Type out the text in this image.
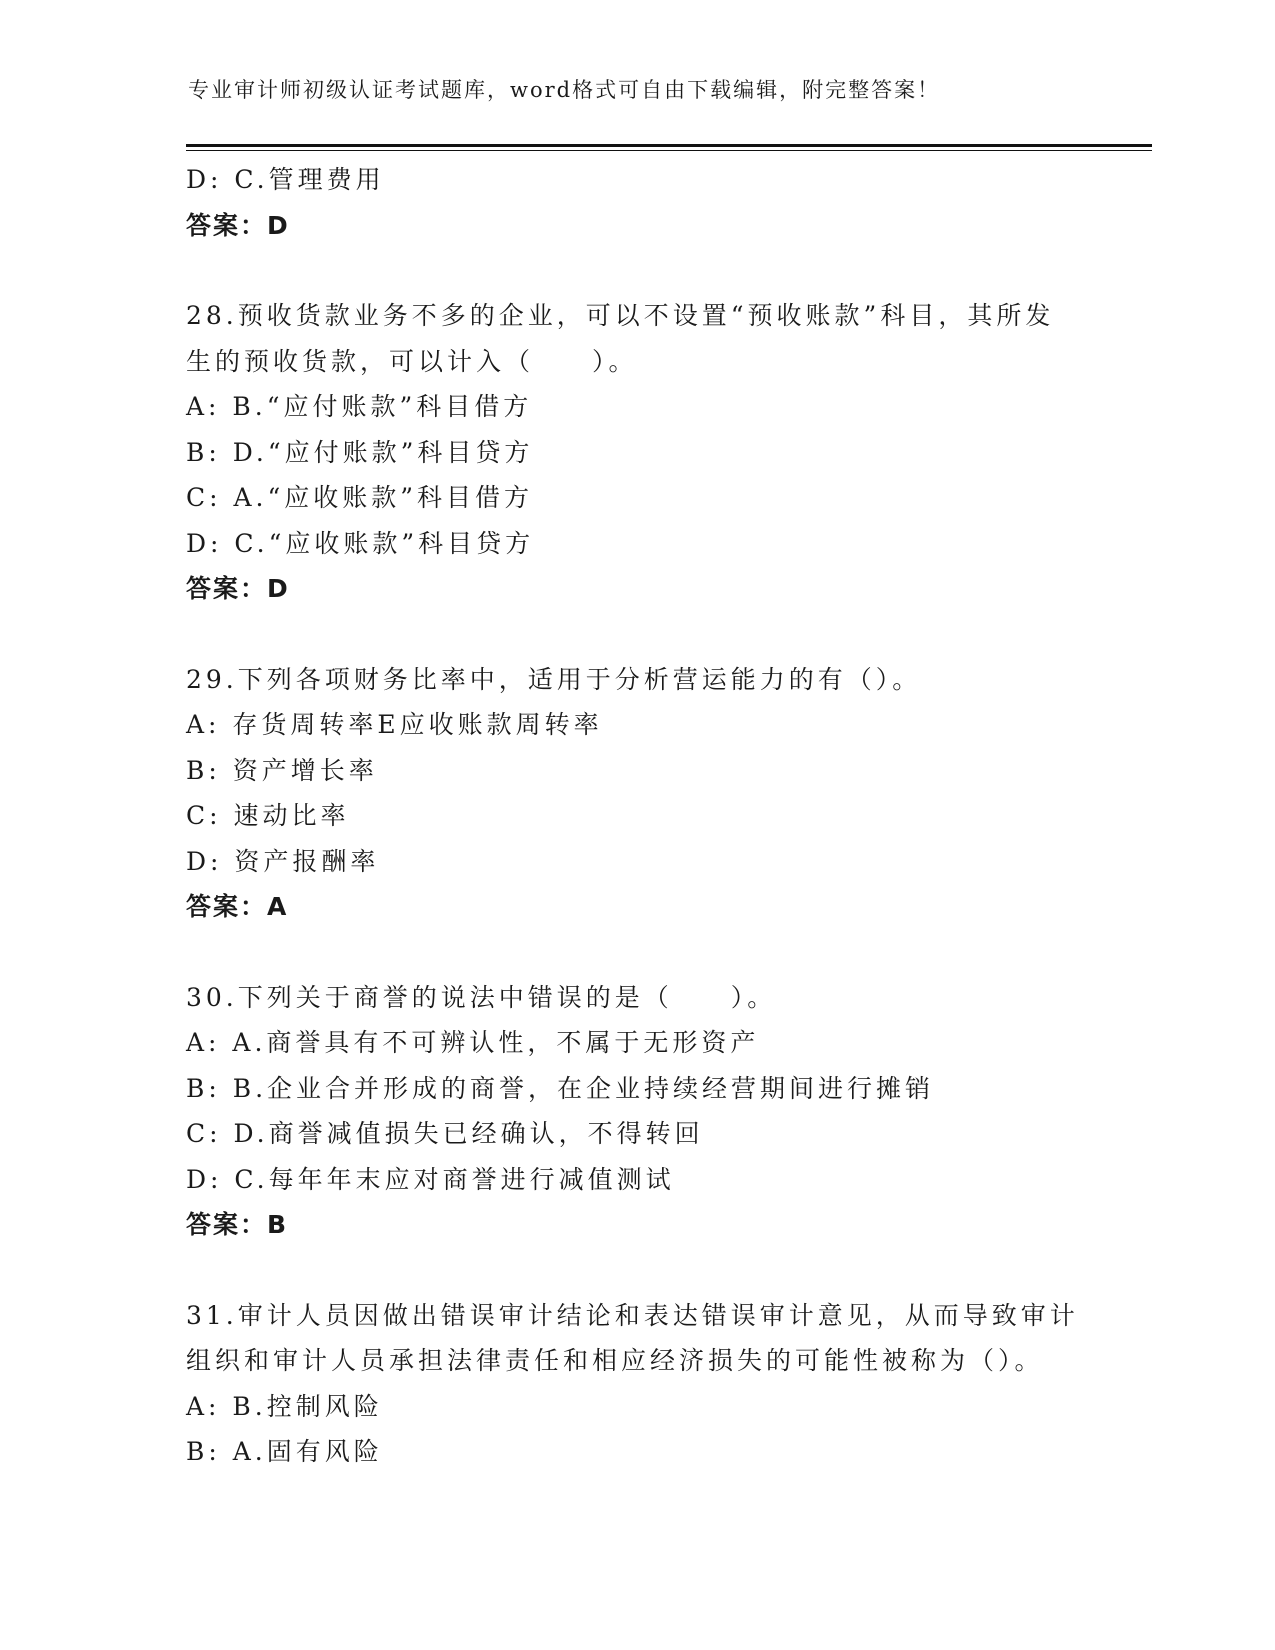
专业审计师初级认证考试题库，word格式可自由下载编辑，附完整答案！
D: C.管理费用
答案：D
28.预收货款业务不多的企业，可以不设置“预收账款”科目，其所发
生的预收货款，可以计入（　　）。
A: B.“应付账款”科目借方
B: D.“应付账款”科目贷方
C: A.“应收账款”科目借方
D: C.“应收账款”科目贷方
答案：D
29.下列各项财务比率中，适用于分析营运能力的有（）。
A: 存货周转率E应收账款周转率
B: 资产增长率
C: 速动比率
D: 资产报酬率
答案：A
30.下列关于商誉的说法中错误的是（　　）。
A: A.商誉具有不可辨认性，不属于无形资产
B: B.企业合并形成的商誉，在企业持续经营期间进行摊销
C: D.商誉减值损失已经确认，不得转回
D: C.每年年末应对商誉进行减值测试
答案：B
31.审计人员因做出错误审计结论和表达错误审计意见，从而导致审计
组织和审计人员承担法律责任和相应经济损失的可能性被称为（）。
A: B.控制风险
B: A.固有风险
